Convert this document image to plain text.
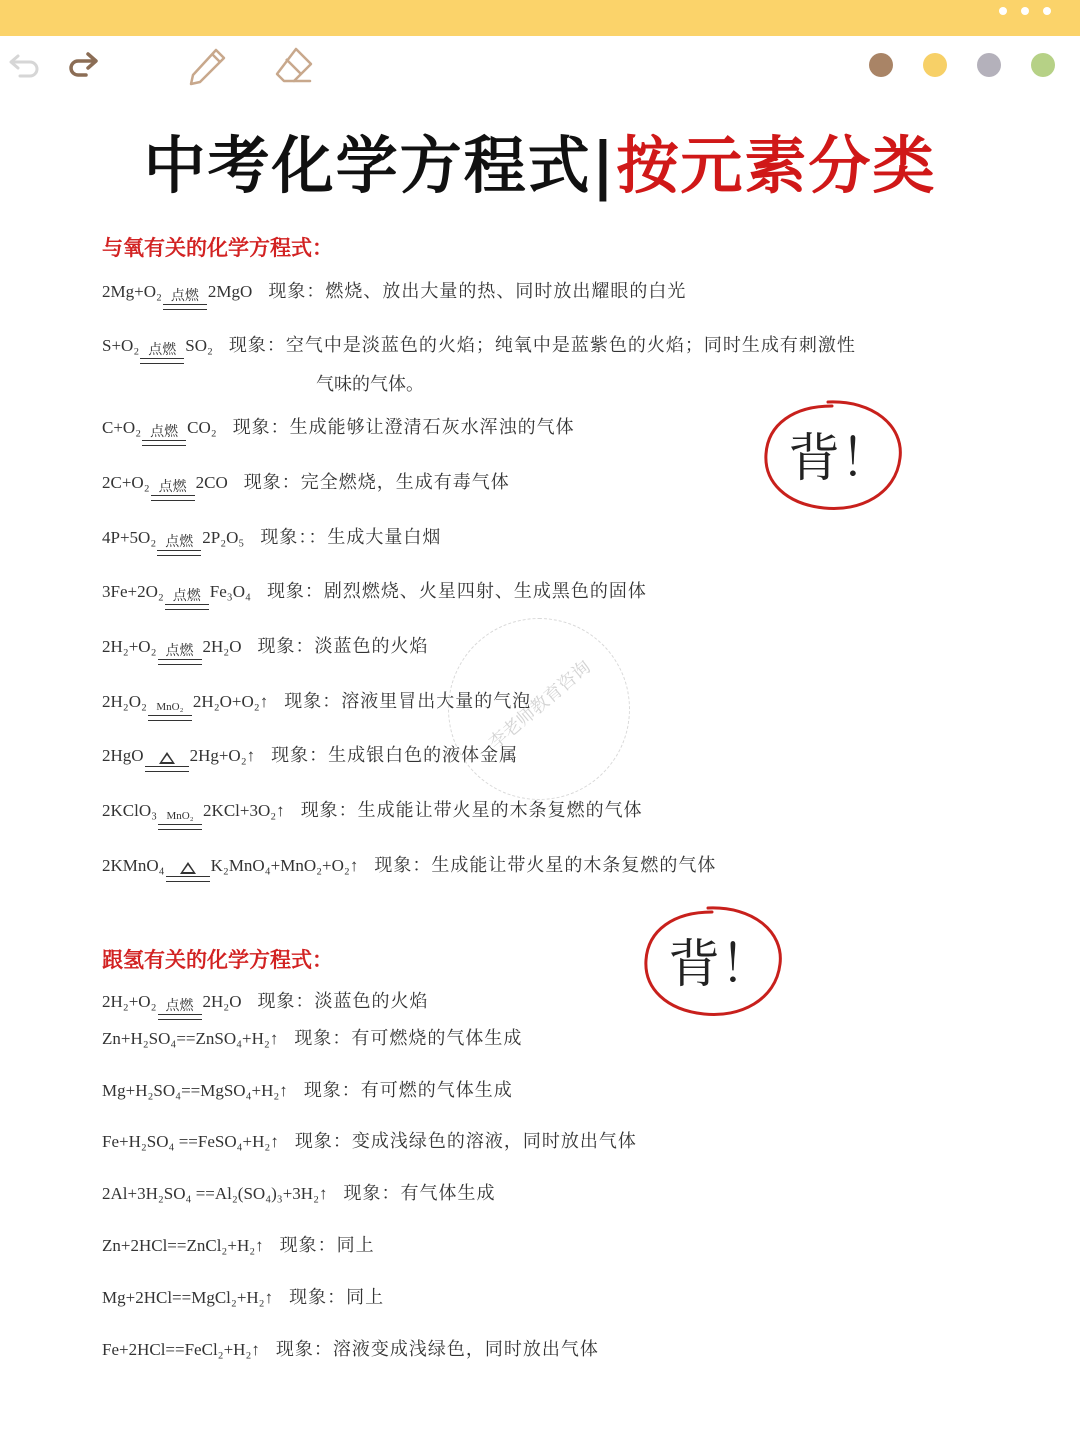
中考化学方程式|按元素分类
与氧有关的化学方程式：
2Mg+O₂ 点燃 2MgO 现象：燃烧、放出大量的热、同时放出耀眼的白光
S+O₂ 点燃 SO₂ 现象：空气中是淡蓝色的火焰；纯氧中是蓝紫色的火焰；同时生成有刺激性
气味的气体。
C+O₂ 点燃 CO₂ 现象：生成能够让澄清石灰水浑浊的气体
2C+O₂ 点燃 2CO 现象：完全燃烧，生成有毒气体
4P+5O₂ 点燃 2P₂O₅ 现象：：生成大量白烟
3Fe+2O₂ 点燃 Fe₃O₄ 现象：剧烈燃烧、火星四射、生成黑色的固体
2H₂+O₂ 点燃 2H₂O 现象：淡蓝色的火焰
2H₂O₂ MnO₂ 2H₂O+O₂↑ 现象：溶液里冒出大量的气泡
2HgO	2Hg+O₂↑ 现象：生成银白色的液体金属
2KClO₃ MnO₂ 2KCl+3O₂↑ 现象：生成能让带火星的木条复燃的气体
2KMnO₄	K₂MnO₄+MnO₂+O₂↑ 现象：生成能让带火星的木条复燃的气体
跟氢有关的化学方程式：
2H₂+O₂ 点燃 2H₂O 现象：淡蓝色的火焰
Zn+H₂SO₄==ZnSO₄+H₂↑ 现象：有可燃烧的气体生成
Mg+H₂SO₄==MgSO₄+H₂↑ 现象：有可燃的气体生成
Fe+H₂SO₄ ==FeSO₄+H₂↑ 现象：变成浅绿色的溶液，同时放出气体
2Al+3H₂SO₄ ==Al₂(SO₄)₃+3H₂↑ 现象：有气体生成
Zn+2HCl==ZnCl₂+H₂↑ 现象：同上
Mg+2HCl==MgCl₂+H₂↑ 现象：同上
Fe+2HCl==FeCl₂+H₂↑ 现象：溶液变成浅绿色，同时放出气体
李老师教育咨询
背！
背！
